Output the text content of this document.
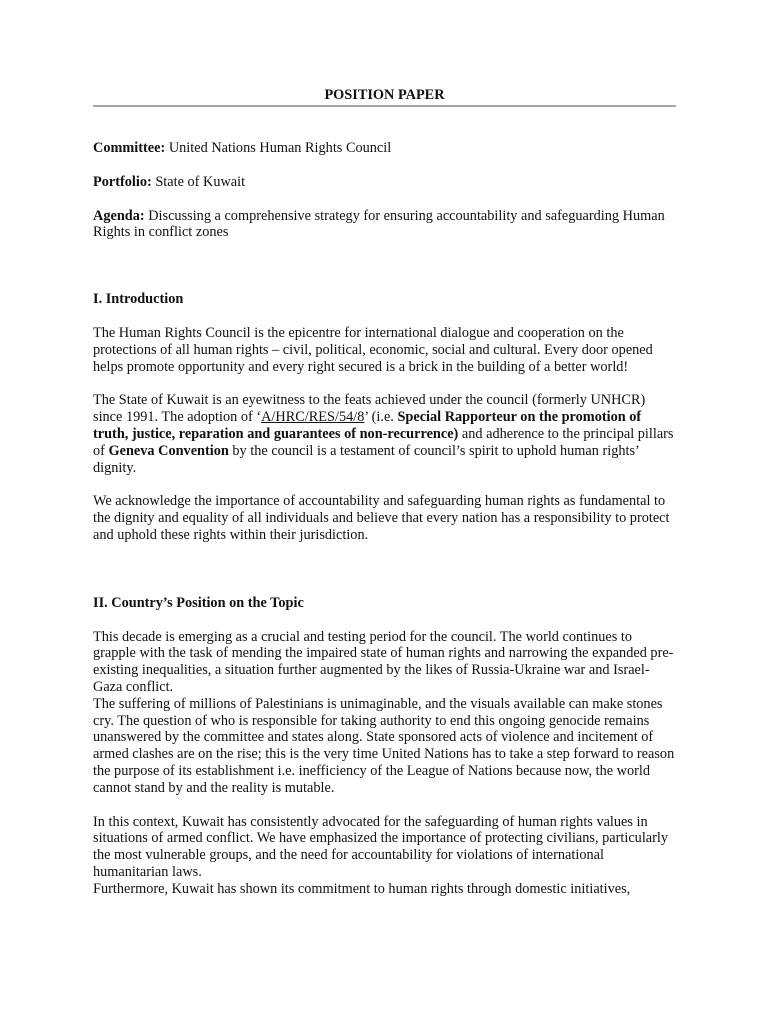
POSITION PAPER

Committee: United Nations Human Rights Council

Portfolio: State of Kuwait

Agenda: Discussing a comprehensive strategy for ensuring accountability and safeguarding Human Rights in conflict zones

I. Introduction

The Human Rights Council is the epicentre for international dialogue and cooperation on the protections of all human rights – civil, political, economic, social and cultural. Every door opened helps promote opportunity and every right secured is a brick in the building of a better world!

The State of Kuwait is an eyewitness to the feats achieved under the council (formerly UNHCR) since 1991. The adoption of ‘A/HRC/RES/54/8’ (i.e. Special Rapporteur on the promotion of truth, justice, reparation and guarantees of non-recurrence) and adherence to the principal pillars of Geneva Convention by the council is a testament of council’s spirit to uphold human rights’ dignity.

We acknowledge the importance of accountability and safeguarding human rights as fundamental to the dignity and equality of all individuals and believe that every nation has a responsibility to protect and uphold these rights within their jurisdiction.

II. Country’s Position on the Topic

This decade is emerging as a crucial and testing period for the council. The world continues to grapple with the task of mending the impaired state of human rights and narrowing the expanded pre-existing inequalities, a situation further augmented by the likes of Russia-Ukraine war and Israel- Gaza conflict.

The suffering of millions of Palestinians is unimaginable, and the visuals available can make stones cry. The question of who is responsible for taking authority to end this ongoing genocide remains unanswered by the committee and states along. State sponsored acts of violence and incitement of armed clashes are on the rise; this is the very time United Nations has to take a step forward to reason the purpose of its establishment i.e. inefficiency of the League of Nations because now, the world cannot stand by and the reality is mutable.

In this context, Kuwait has consistently advocated for the safeguarding of human rights values in situations of armed conflict. We have emphasized the importance of protecting civilians, particularly the most vulnerable groups, and the need for accountability for violations of international humanitarian laws.

Furthermore, Kuwait has shown its commitment to human rights through domestic initiatives,
